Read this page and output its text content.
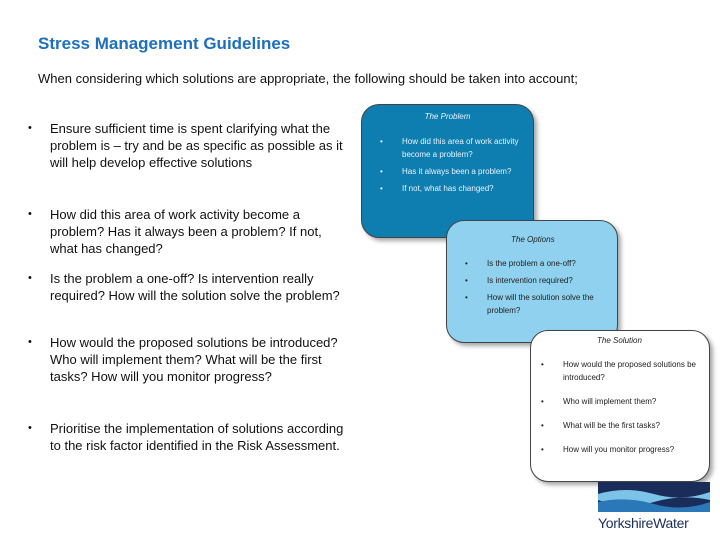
Stress Management Guidelines
When considering which solutions are appropriate, the following should be taken into account;
• Ensure sufficient time is spent clarifying what the problem is – try and be as specific as possible as it will help develop effective solutions
• How did this area of work activity become a problem? Has it always been a problem? If not, what has changed?
• Is the problem a one-off? Is intervention really required? How will the solution solve the problem?
• How would the proposed solutions be introduced? Who will implement them? What will be the first tasks? How will you monitor progress?
• Prioritise the implementation of solutions according to the risk factor identified in the Risk Assessment.
The Problem
• How did this area of work activity become a problem?
• Has it always been a problem?
• If not, what has changed?
The Options
• Is the problem a one-off?
• Is intervention required?
• How will the solution solve the problem?
The Solution
• How would the proposed solutions be introduced?
• Who will implement them?
• What will be the first tasks?
• How will you monitor progress?
YorkshireWater
